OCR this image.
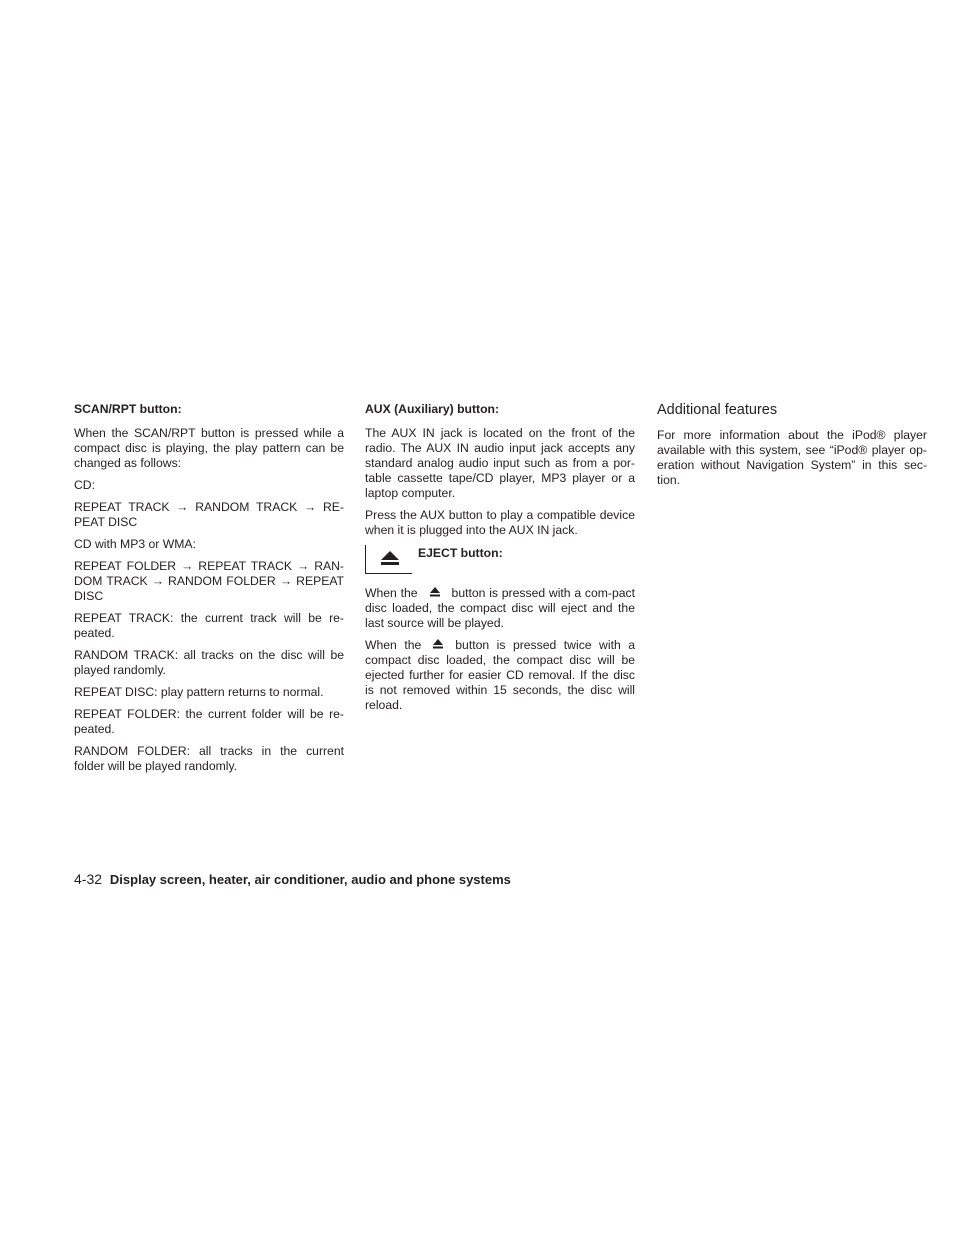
SCAN/RPT button:

When the SCAN/RPT button is pressed while a compact disc is playing, the play pattern can be changed as follows:

CD:

REPEAT TRACK → RANDOM TRACK → RE-PEAT DISC

CD with MP3 or WMA:

REPEAT FOLDER → REPEAT TRACK → RAN-DOM TRACK → RANDOM FOLDER → REPEAT DISC

REPEAT TRACK: the current track will be re-peated.

RANDOM TRACK: all tracks on the disc will be played randomly.

REPEAT DISC: play pattern returns to normal.

REPEAT FOLDER: the current folder will be re-peated.

RANDOM FOLDER: all tracks in the current folder will be played randomly.

AUX (Auxiliary) button:

The AUX IN jack is located on the front of the radio. The AUX IN audio input jack accepts any standard analog audio input such as from a por-table cassette tape/CD player, MP3 player or a laptop computer.

Press the AUX button to play a compatible device when it is plugged into the AUX IN jack.

EJECT button:

When the	button is pressed with a com-pact disc loaded, the compact disc will eject and the last source will be played.

When the	button is pressed twice with a compact disc loaded, the compact disc will be ejected further for easier CD removal. If the disc is not removed within 15 seconds, the disc will reload.

Additional features

For more information about the iPod® player available with this system, see “iPod® player op-eration without Navigation System” in this sec-tion.

4-32 Display screen, heater, air conditioner, audio and phone systems
